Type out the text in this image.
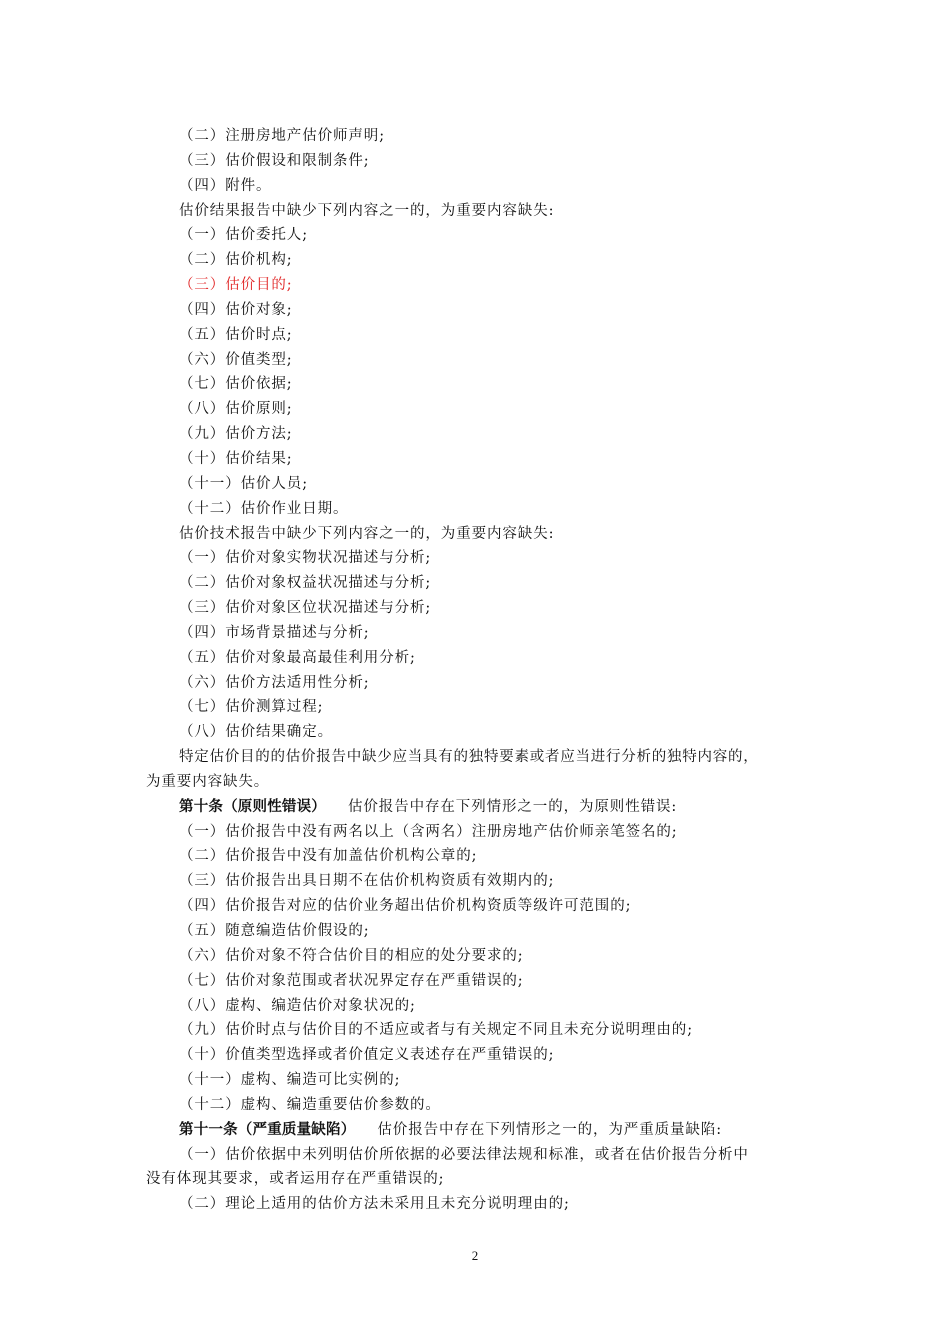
（二）注册房地产估价师声明;
（三）估价假设和限制条件;
（四）附件。
估价结果报告中缺少下列内容之一的，为重要内容缺失:
（一）估价委托人;
（二）估价机构;
（三）估价目的;
（四）估价对象;
（五）估价时点;
（六）价值类型;
（七）估价依据;
（八）估价原则;
（九）估价方法;
（十）估价结果;
（十一）估价人员;
（十二）估价作业日期。
估价技术报告中缺少下列内容之一的，为重要内容缺失:
（一）估价对象实物状况描述与分析;
（二）估价对象权益状况描述与分析;
（三）估价对象区位状况描述与分析;
（四）市场背景描述与分析;
（五）估价对象最高最佳利用分析;
（六）估价方法适用性分析;
（七）估价测算过程;
（八）估价结果确定。
特定估价目的的估价报告中缺少应当具有的独特要素或者应当进行分析的独特内容的，
为重要内容缺失。
第十条（原则性错误） 估价报告中存在下列情形之一的，为原则性错误:
（一）估价报告中没有两名以上（含两名）注册房地产估价师亲笔签名的;
（二）估价报告中没有加盖估价机构公章的;
（三）估价报告出具日期不在估价机构资质有效期内的;
（四）估价报告对应的估价业务超出估价机构资质等级许可范围的;
（五）随意编造估价假设的;
（六）估价对象不符合估价目的相应的处分要求的;
（七）估价对象范围或者状况界定存在严重错误的;
（八）虚构、编造估价对象状况的;
（九）估价时点与估价目的不适应或者与有关规定不同且未充分说明理由的;
（十）价值类型选择或者价值定义表述存在严重错误的;
（十一）虚构、编造可比实例的;
（十二）虚构、编造重要估价参数的。
第十一条（严重质量缺陷） 估价报告中存在下列情形之一的，为严重质量缺陷:
（一）估价依据中未列明估价所依据的必要法律法规和标准，或者在估价报告分析中
没有体现其要求，或者运用存在严重错误的;
（二）理论上适用的估价方法未采用且未充分说明理由的;
2
